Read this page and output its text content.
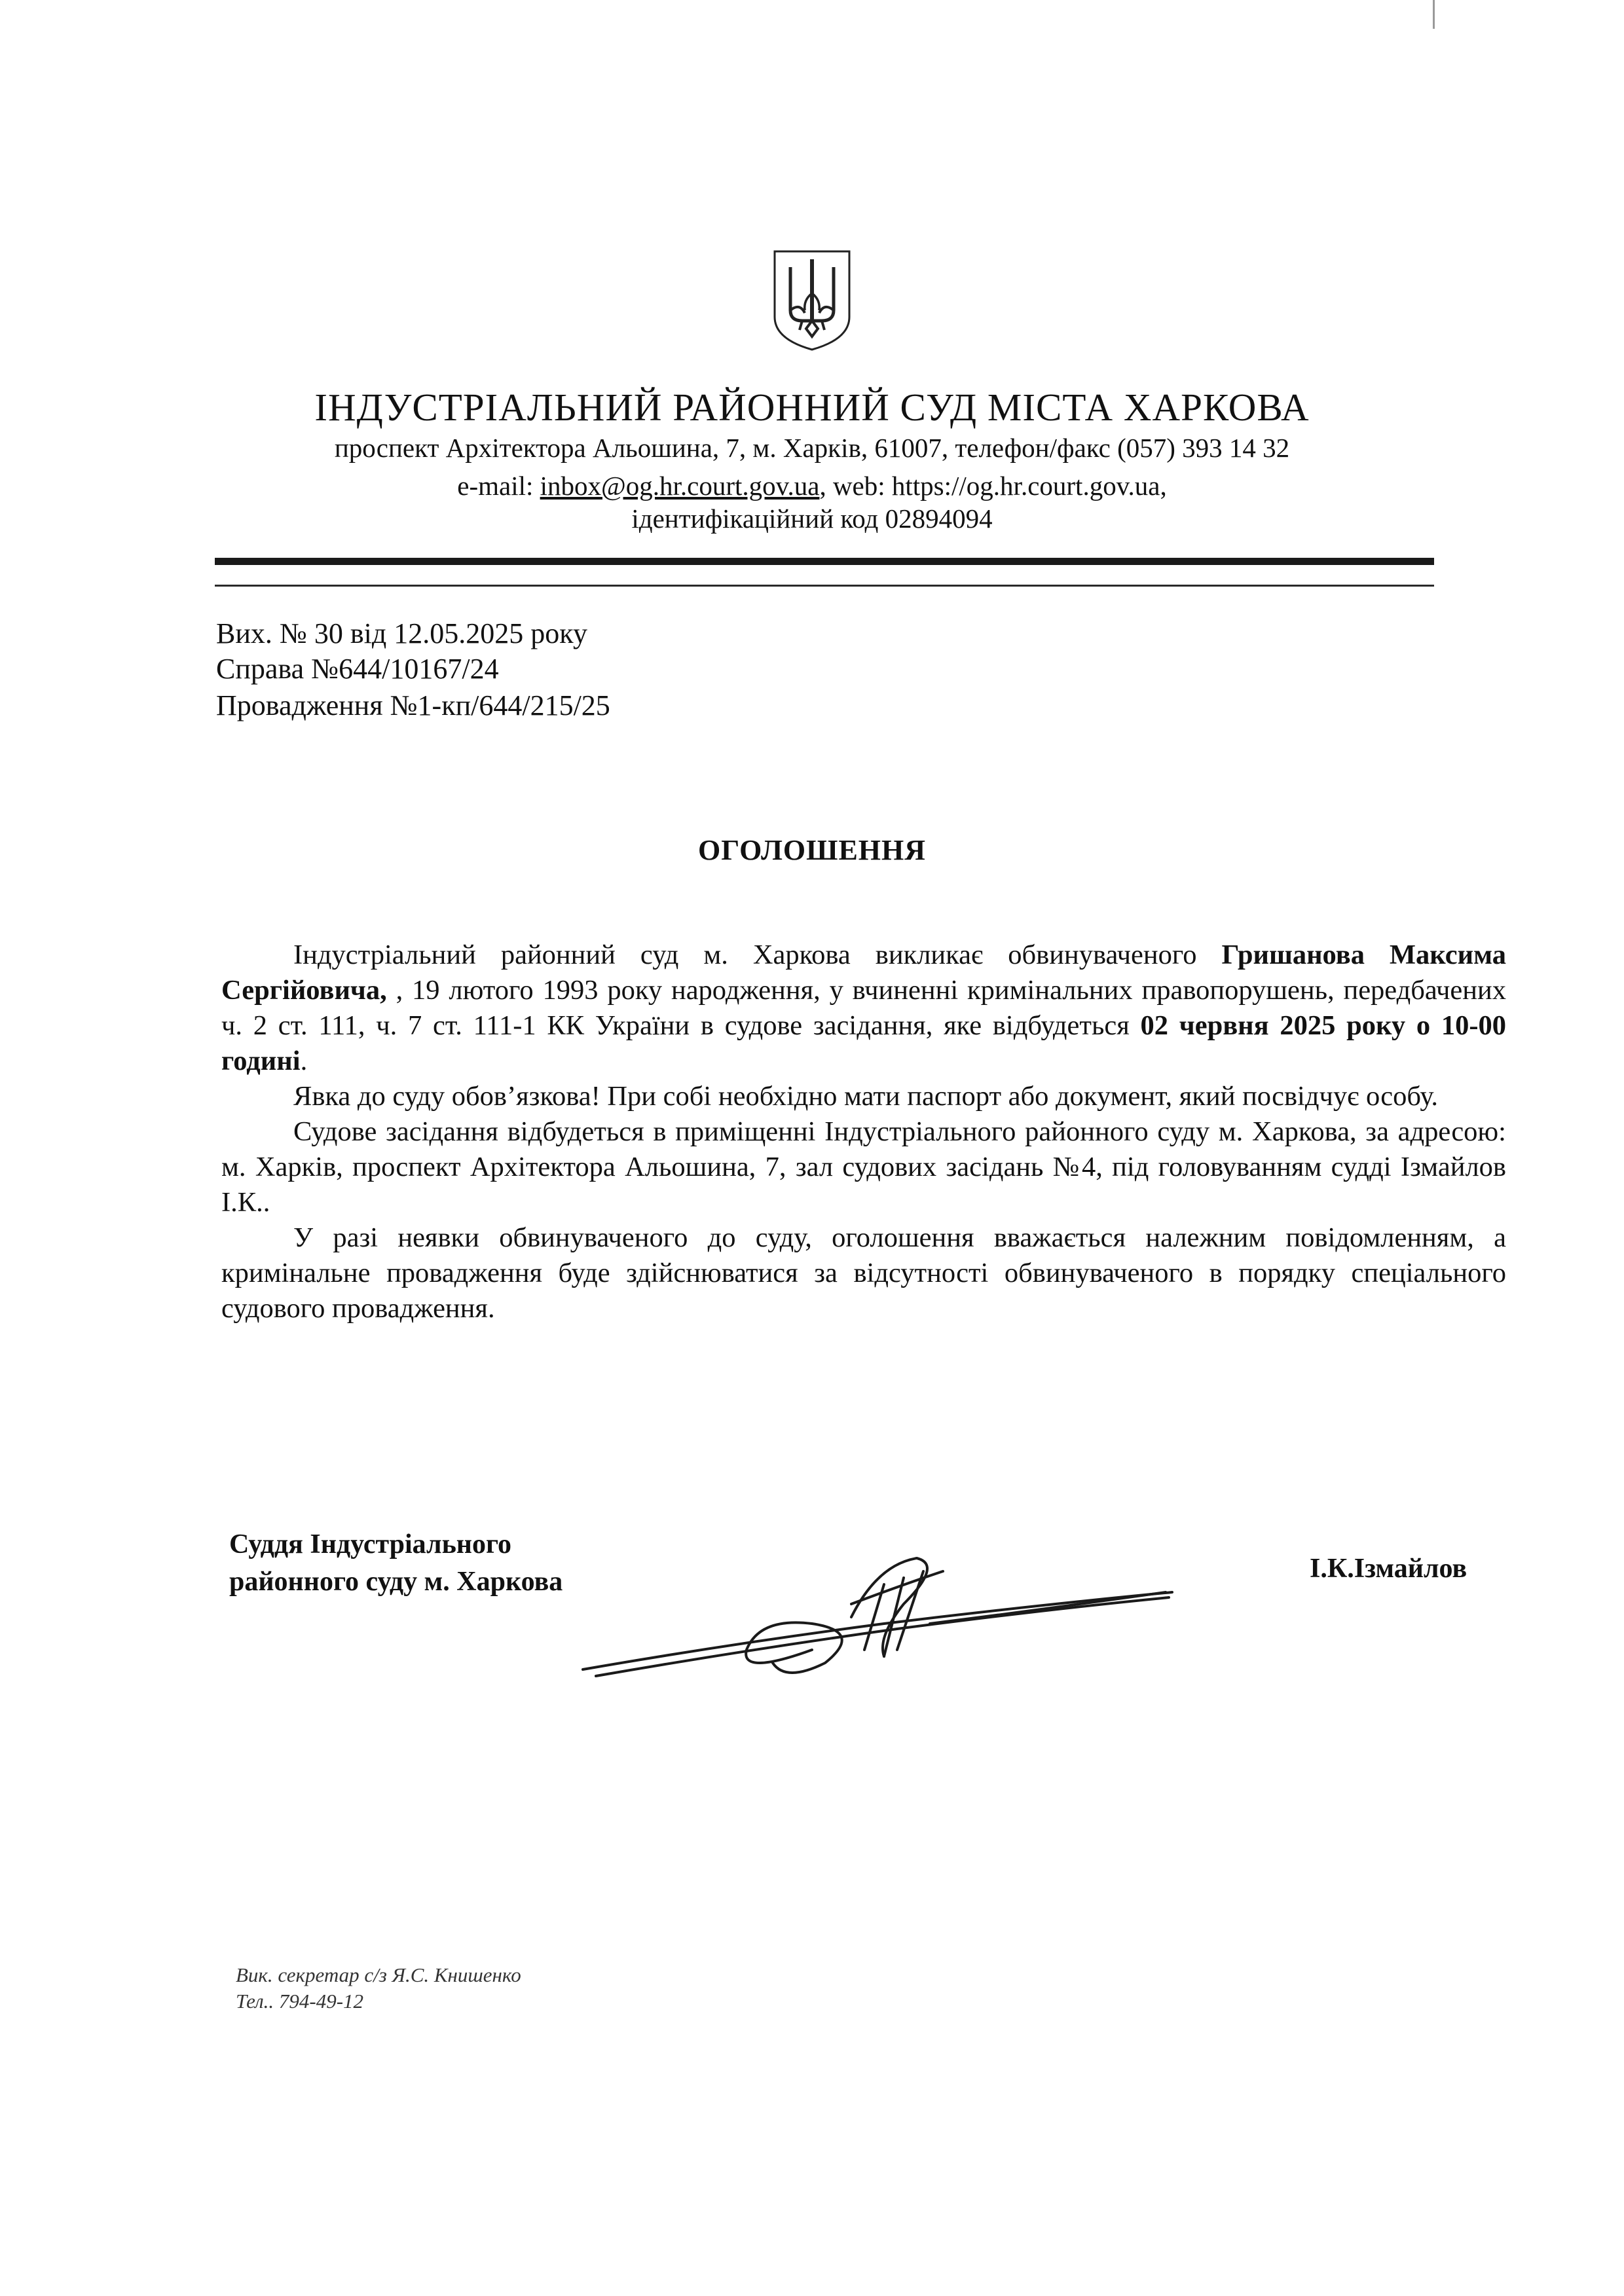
ІНДУСТРІАЛЬНИЙ РАЙОННИЙ СУД МІСТА ХАРКОВА
проспект Архітектора Альошина, 7, м. Харків, 61007, телефон/факс (057) 393 14 32
e-mail: inbox@og.hr.court.gov.ua, web: https://og.hr.court.gov.ua,
ідентифікаційний код 02894094
Вих. № 30 від 12.05.2025 року
Справа №644/10167/24
Провадження №1-кп/644/215/25
ОГОЛОШЕННЯ

Індустріальний районний суд м. Харкова викликає обвинуваченого Гришанова Максима Сергійовича, , 19 лютого 1993 року народження, у вчиненні кримінальних правопорушень, передбачених ч. 2 ст. 111, ч. 7 ст. 111-1 КК України в судове засідання, яке відбудеться 02 червня 2025 року о 10-00 годині.

Явка до суду обов’язкова! При собі необхідно мати паспорт або документ, який посвідчує особу.

Судове засідання відбудеться в приміщенні Індустріального районного суду м. Харкова, за адресою: м. Харків, проспект Архітектора Альошина, 7, зал судових засідань №4, під головуванням судді Ізмайлов І.К..

У разі неявки обвинуваченого до суду, оголошення вважається належним повідомленням, а кримінальне провадження буде здійснюватися за відсутності обвинуваченого в порядку спеціального судового провадження.

Суддя Індустріального
районного суду м. Харкова	І.К.Ізмайлов
Вик. секретар с/з Я.С. Книшенко
Тел.. 794-49-12
